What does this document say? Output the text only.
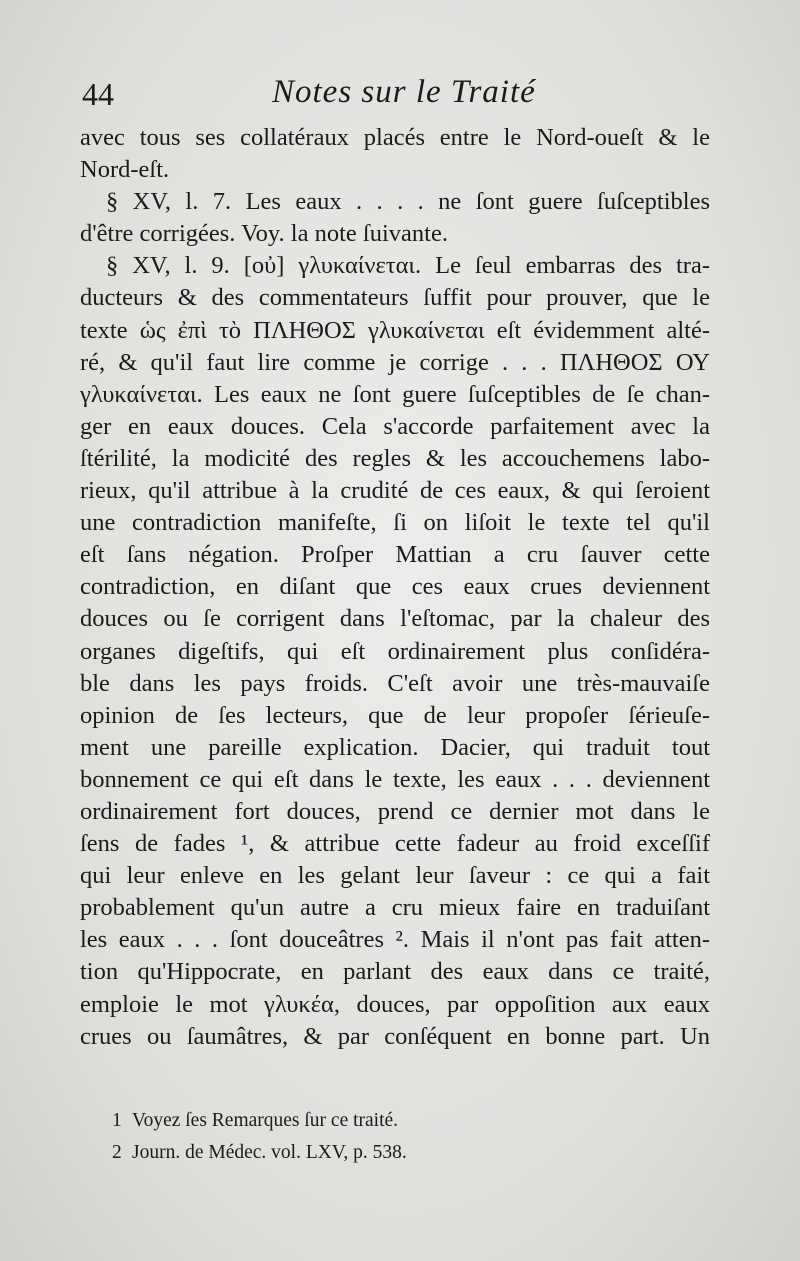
44	Notes sur le Traité
avec tous ses collatéraux placés entre le Nord-oueſt & le
Nord-eſt.
§ XV, l. 7. Les eaux . . . . ne ſont guere ſuſceptibles
d'être corrigées. Voy. la note ſuivante.
§ XV, l. 9. [οὐ] γλυκαίνεται. Le ſeul embarras des tra-
ducteurs & des commentateurs ſuffit pour prouver, que le
texte ὡς ἐπὶ τὸ ΠΛΗΘΟΣ γλυκαίνεται eſt évidemment alté-
ré, & qu'il faut lire comme je corrige . . . ΠΛΗΘΟΣ ΟΥ
γλυκαίνεται. Les eaux ne ſont guere ſuſceptibles de ſe chan-
ger en eaux douces. Cela s'accorde parfaitement avec la
ſtérilité, la modicité des regles & les accouchemens labo-
rieux, qu'il attribue à la crudité de ces eaux, & qui ſeroient
une contradiction manifeſte, ſi on liſoit le texte tel qu'il
eſt ſans négation. Proſper Mattian a cru ſauver cette
contradiction, en diſant que ces eaux crues deviennent
douces ou ſe corrigent dans l'eſtomac, par la chaleur des
organes digeſtifs, qui eſt ordinairement plus conſidéra-
ble dans les pays froids. C'eſt avoir une très-mauvaiſe
opinion de ſes lecteurs, que de leur propoſer ſérieuſe-
ment une pareille explication. Dacier, qui traduit tout
bonnement ce qui eſt dans le texte, les eaux . . . deviennent
ordinairement fort douces, prend ce dernier mot dans le
ſens de fades ¹, & attribue cette fadeur au froid exceſſif
qui leur enleve en les gelant leur ſaveur : ce qui a fait
probablement qu'un autre a cru mieux faire en traduiſant
les eaux . . . ſont douceâtres ². Mais il n'ont pas fait atten-
tion qu'Hippocrate, en parlant des eaux dans ce traité,
emploie le mot γλυκέα, douces, par oppoſition aux eaux
crues ou ſaumâtres, & par conſéquent en bonne part. Un
1 Voyez ſes Remarques ſur ce traité.
2 Journ. de Médec. vol. LXV, p. 538.
